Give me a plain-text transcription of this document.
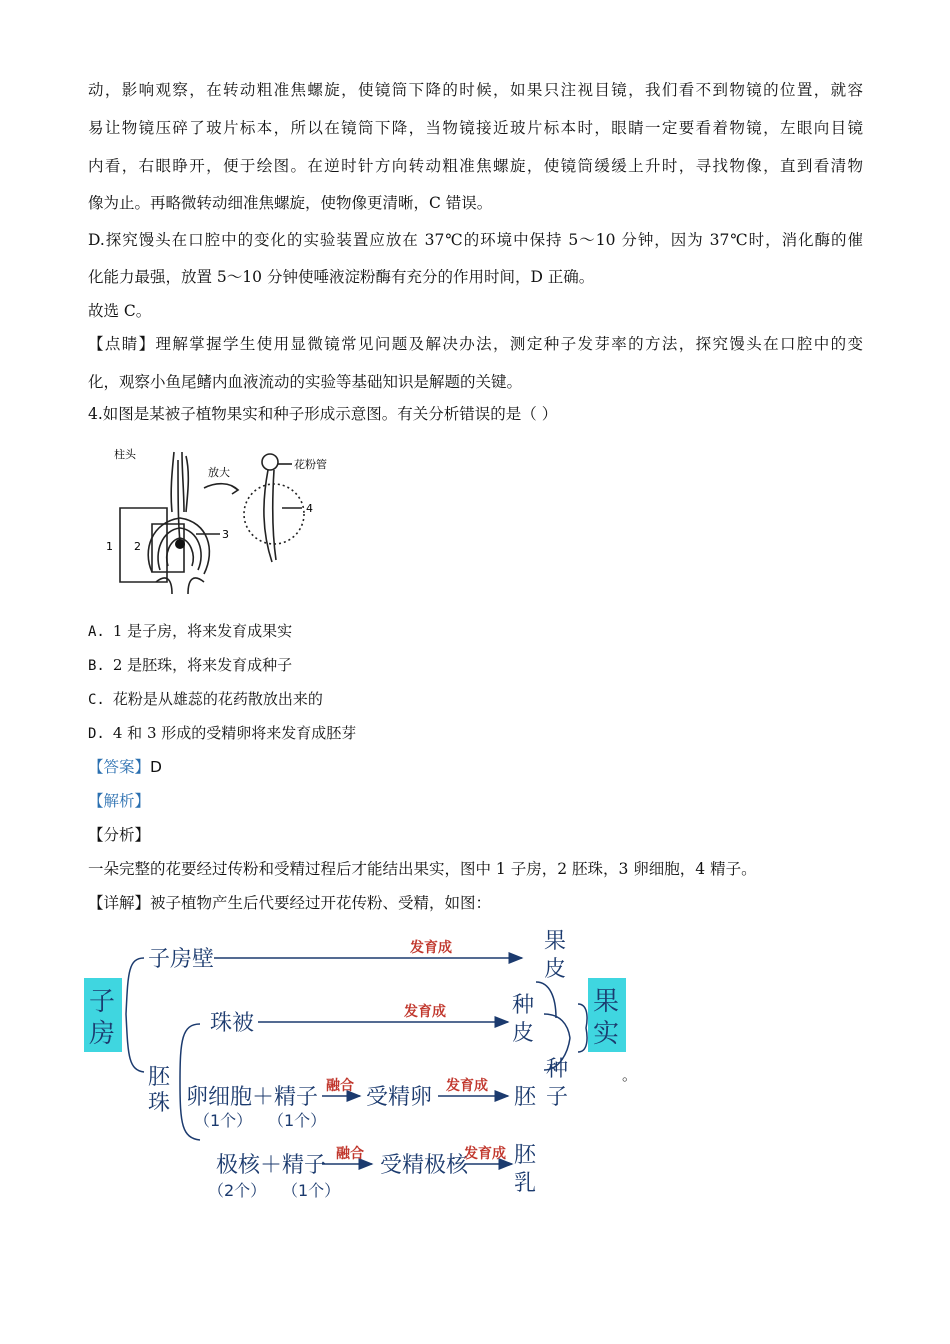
动，影响观察，在转动粗准焦螺旋，使镜筒下降的时候，如果只注视目镜，我们看不到物镜的位置，就容
易让物镜压碎了玻片标本，所以在镜筒下降，当物镜接近玻片标本时，眼睛一定要看着物镜，左眼向目镜
内看，右眼睁开，便于绘图。在逆时针方向转动粗准焦螺旋，使镜筒缓缓上升时，寻找物像，直到看清物
像为止。再略微转动细准焦螺旋，使物像更清晰，C 错误。
D.探究馒头在口腔中的变化的实验装置应放在 37℃的环境中保持 5～10 分钟，因为 37℃时，消化酶的催
化能力最强，放置 5～10 分钟使唾液淀粉酶有充分的作用时间，D 正确。
故选 C。
【点睛】理解掌握学生使用显微镜常见问题及解决办法，测定种子发芽率的方法，探究馒头在口腔中的变
化，观察小鱼尾鳍内血液流动的实验等基础知识是解题的关键。
4.如图是某被子植物果实和种子形成示意图。有关分析错误的是（ ）
柱头
放大
花粉管
1 2
3
4
A. 1 是子房，将来发育成果实
B. 2 是胚珠，将来发育成种子
C. 花粉是从雄蕊的花药散放出来的
D. 4 和 3 形成的受精卵将来发育成胚芽
【答案】D
【解析】
【分析】
一朵完整的花要经过传粉和受精过程后才能结出果实，图中 1 子房，2 胚珠，3 卵细胞，4 精子。
【详解】被子植物产生后代要经过开花传粉、受精，如图：
子房壁
珠被
卵细胞＋精子 受精卵
极核＋精子 受精极核
（1个） （1个）
（2个） （1个）
发育成
发育成
融合	发育成
融合	发育成
胚珠
果皮
种皮
胚
胚乳
种子
子房
果实
。
